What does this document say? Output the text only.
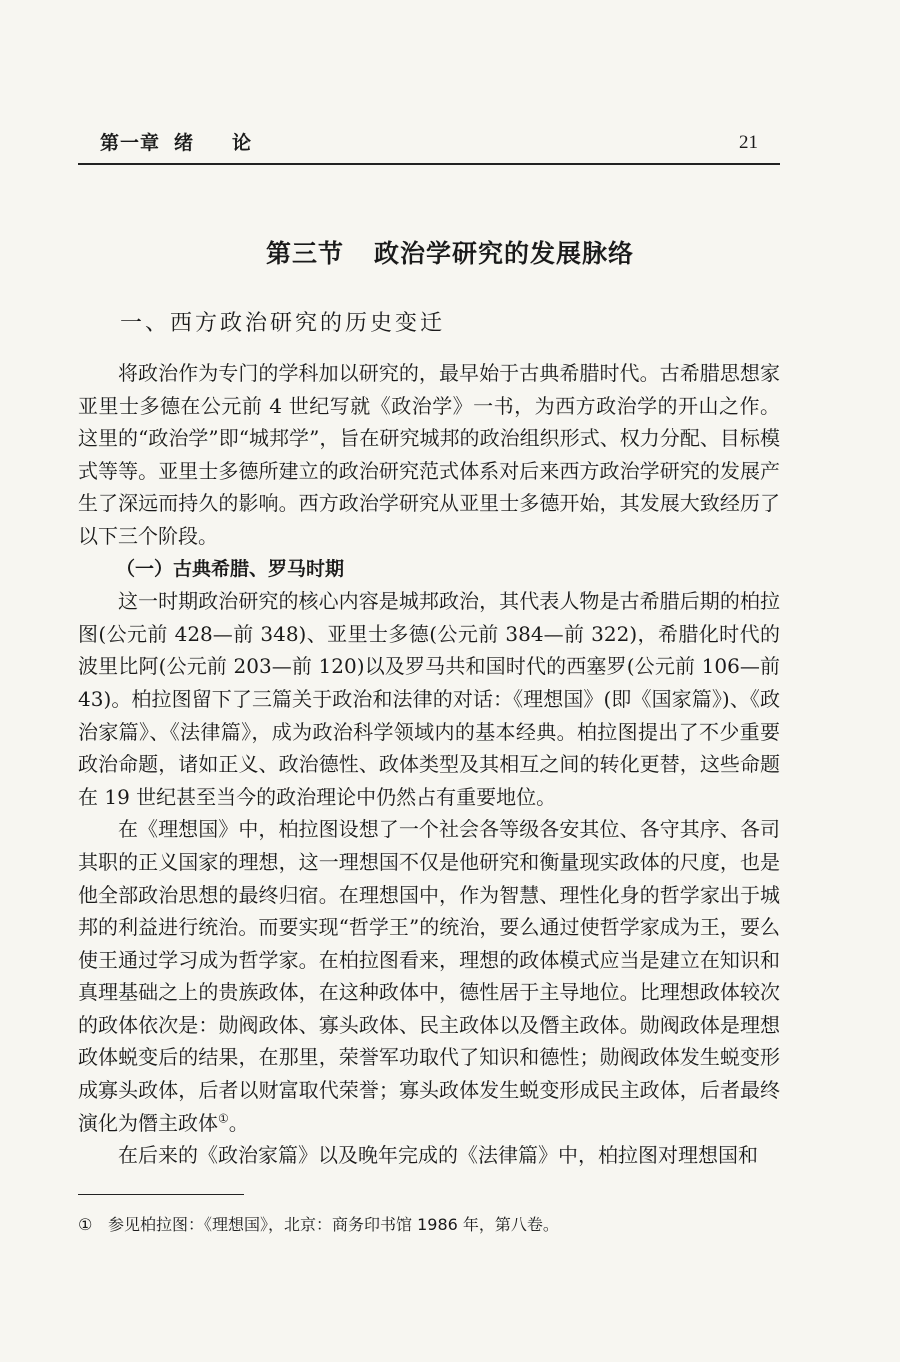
第一章 绪 论	21
第三节 政治学研究的发展脉络
一、西方政治研究的历史变迁

将政治作为专门的学科加以研究的，最早始于古典希腊时代。古希腊思想家亚里士多德在公元前 4 世纪写就《政治学》一书，为西方政治学的开山之作。这里的“政治学”即“城邦学”，旨在研究城邦的政治组织形式、权力分配、目标模式等等。亚里士多德所建立的政治研究范式体系对后来西方政治学研究的发展产生了深远而持久的影响。西方政治学研究从亚里士多德开始，其发展大致经历了以下三个阶段。

（一）古典希腊、罗马时期

这一时期政治研究的核心内容是城邦政治，其代表人物是古希腊后期的柏拉图(公元前 428—前 348)、亚里士多德(公元前 384—前 322)，希腊化时代的波里比阿(公元前 203—前 120)以及罗马共和国时代的西塞罗(公元前 106—前 43)。柏拉图留下了三篇关于政治和法律的对话：《理想国》(即《国家篇》)、《政治家篇》、《法律篇》，成为政治科学领域内的基本经典。柏拉图提出了不少重要政治命题，诸如正义、政治德性、政体类型及其相互之间的转化更替，这些命题在 19 世纪甚至当今的政治理论中仍然占有重要地位。

在《理想国》中，柏拉图设想了一个社会各等级各安其位、各守其序、各司其职的正义国家的理想，这一理想国不仅是他研究和衡量现实政体的尺度，也是他全部政治思想的最终归宿。在理想国中，作为智慧、理性化身的哲学家出于城邦的利益进行统治。而要实现“哲学王”的统治，要么通过使哲学家成为王，要么使王通过学习成为哲学家。在柏拉图看来，理想的政体模式应当是建立在知识和真理基础之上的贵族政体，在这种政体中，德性居于主导地位。比理想政体较次的政体依次是：勋阀政体、寡头政体、民主政体以及僭主政体。勋阀政体是理想政体蜕变后的结果，在那里，荣誉军功取代了知识和德性；勋阀政体发生蜕变形成寡头政体，后者以财富取代荣誉；寡头政体发生蜕变形成民主政体，后者最终演化为僭主政体①。

在后来的《政治家篇》以及晚年完成的《法律篇》中，柏拉图对理想国和

① 参见柏拉图：《理想国》，北京：商务印书馆 1986 年，第八卷。
